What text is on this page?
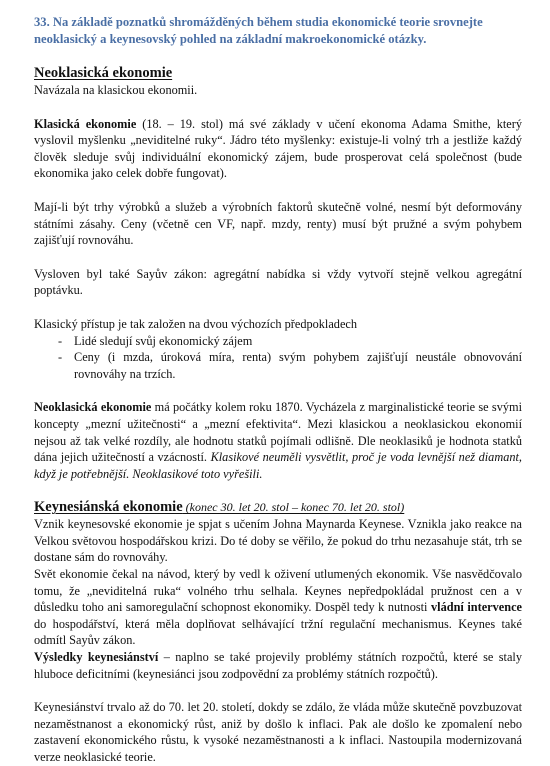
33. Na základě poznatků shromážděných během studia ekonomické teorie srovnejte neoklasický a keynesovský pohled na základní makroekonomické otázky.
Neoklasická ekonomie

Navázala na klasickou ekonomii.

Klasická ekonomie (18. – 19. stol) má své základy v učení ekonoma Adama Smithe, který vyslovil myšlenku „neviditelné ruky“. Jádro této myšlenky: existuje-li volný trh a jestliže každý člověk sleduje svůj individuální ekonomický zájem, bude prosperovat celá společnost (bude ekonomika jako celek dobře fungovat).

Mají-li být trhy výrobků a služeb a výrobních faktorů skutečně volné, nesmí být deformovány státními zásahy. Ceny (včetně cen VF, např. mzdy, renty) musí být pružné a svým pohybem zajišťují rovnováhu.

Vysloven byl také Sayův zákon: agregátní nabídka si vždy vytvoří stejně velkou agregátní poptávku.

Klasický přístup je tak založen na dvou výchozích předpokladech

- Lidé sledují svůj ekonomický zájem
- Ceny (i mzda, úroková míra, renta) svým pohybem zajišťují neustále obnovování rovnováhy na trzích.

Neoklasická ekonomie má počátky kolem roku 1870. Vycházela z marginalistické teorie se svými koncepty „mezní užitečnosti“ a „mezní efektivita“. Mezi klasickou a neoklasickou ekonomií nejsou až tak velké rozdíly, ale hodnotu statků pojímali odlišně. Dle neoklasiků je hodnota statků dána jejich užitečností a vzácností. Klasikové neuměli vysvětlit, proč je voda levnější než diamant, když je potřebnější. Neoklasikové toto vyřešili.

Keynesiánská ekonomie (konec 30. let 20. stol – konec 70. let 20. stol)

Vznik keynesovské ekonomie je spjat s učením Johna Maynarda Keynese. Vznikla jako reakce na Velkou světovou hospodářskou krizi. Do té doby se věřilo, že pokud do trhu nezasahuje stát, trh se dostane sám do rovnováhy.

Svět ekonomie čekal na návod, který by vedl k oživení utlumených ekonomik. Vše nasvědčovalo tomu, že „neviditelná ruka“ volného trhu selhala. Keynes nepředpokládal pružnost cen a v důsledku toho ani samoregulační schopnost ekonomiky. Dospěl tedy k nutnosti vládní intervence do hospodářství, která měla doplňovat selhávající tržní regulační mechanismus. Keynes také odmítl Sayův zákon.

Výsledky keynesiánství – naplno se také projevily problémy státních rozpočtů, které se staly hluboce deficitními (keynesiánci jsou zodpovědní za problémy státních rozpočtů).

Keynesiánství trvalo až do 70. let 20. století, dokdy se zdálo, že vláda může skutečně povzbuzovat nezaměstnanost a ekonomický růst, aniž by došlo k inflaci. Pak ale došlo ke zpomalení nebo zastavení ekonomického růstu, k vysoké nezaměstnanosti a k inflaci. Nastoupila modernizovaná verze neoklasické teorie.
